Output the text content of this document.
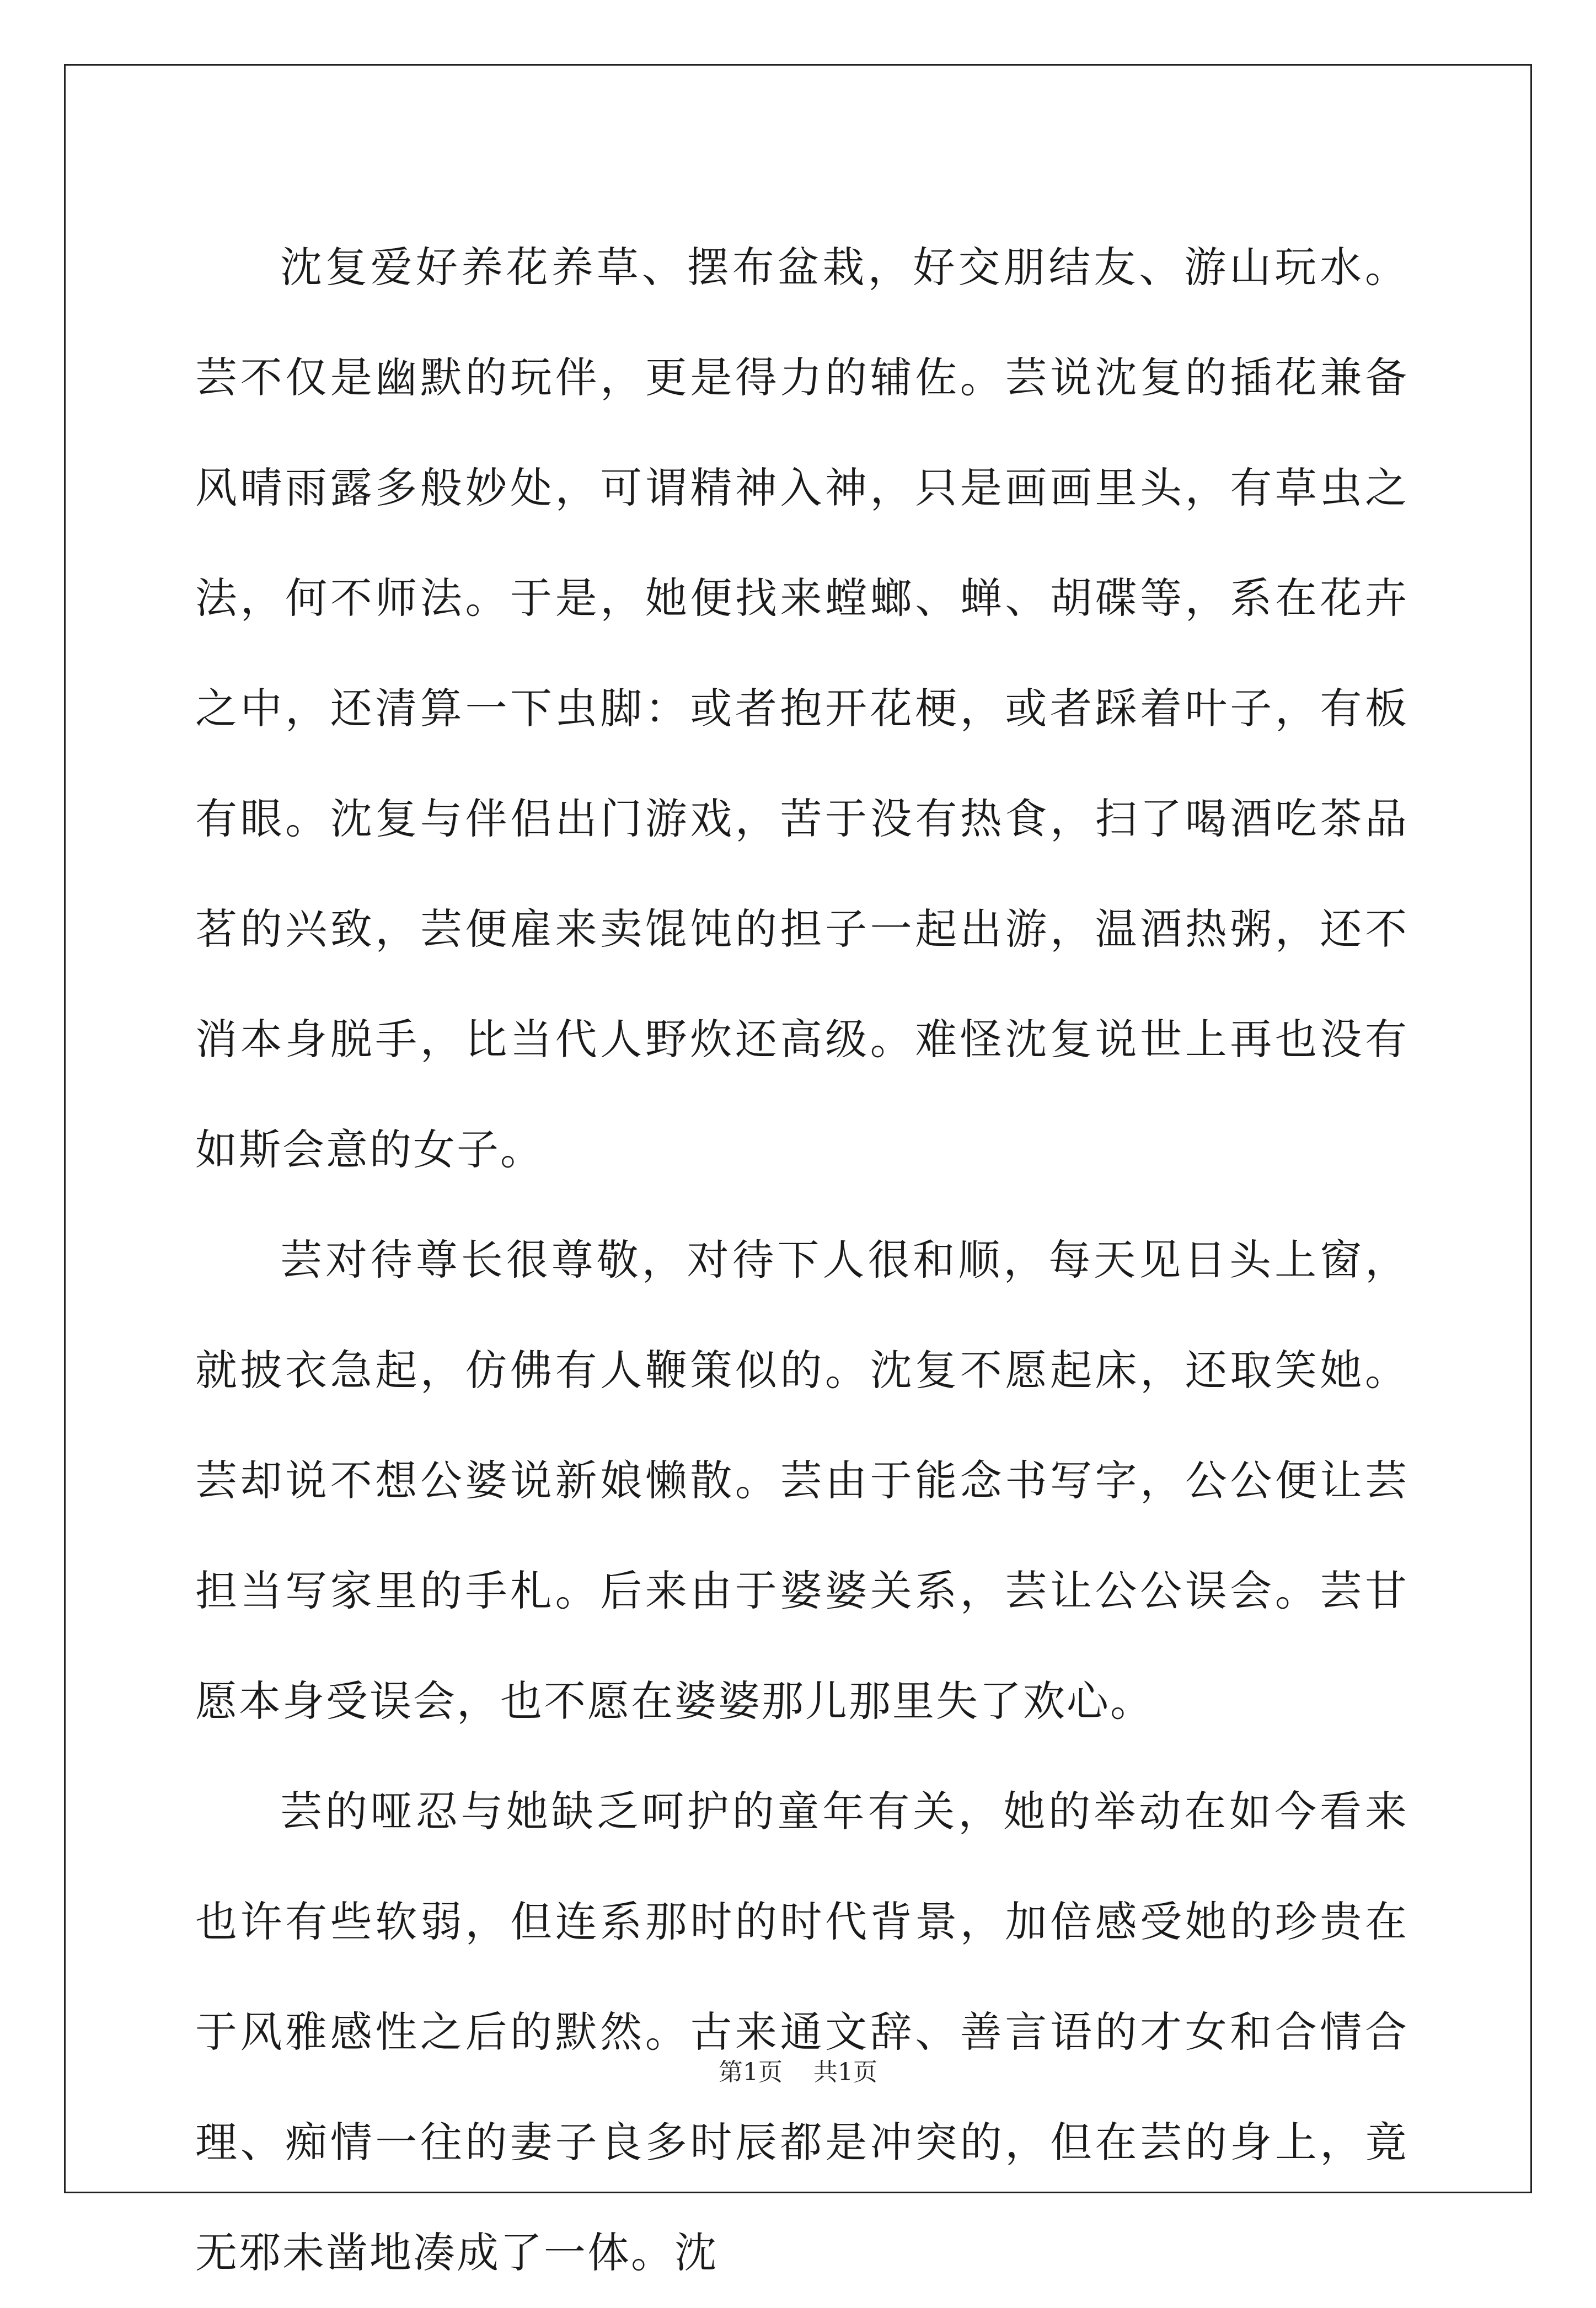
沈复爱好养花养草、摆布盆栽，好交朋结友、游山玩水。芸不仅是幽默的玩伴，更是得力的辅佐。芸说沈复的插花兼备风晴雨露多般妙处，可谓精神入神，只是画画里头，有草虫之法，何不师法。于是，她便找来螳螂、蝉、胡碟等，系在花卉之中，还清算一下虫脚：或者抱开花梗，或者踩着叶子，有板有眼。沈复与伴侣出门游戏，苦于没有热食，扫了喝酒吃茶品茗的兴致，芸便雇来卖馄饨的担子一起出游，温酒热粥，还不消本身脱手，比当代人野炊还高级。难怪沈复说世上再也没有如斯会意的女子。

芸对待尊长很尊敬，对待下人很和顺，每天见日头上窗，就披衣急起，仿佛有人鞭策似的。沈复不愿起床，还取笑她。芸却说不想公婆说新娘懒散。芸由于能念书写字，公公便让芸担当写家里的手札。后来由于婆婆关系，芸让公公误会。芸甘愿本身受误会，也不愿在婆婆那儿那里失了欢心。

芸的哑忍与她缺乏呵护的童年有关，她的举动在如今看来也许有些软弱，但连系那时的时代背景，加倍感受她的珍贵在于风雅感性之后的默然。古来通文辞、善言语的才女和合情合理、痴情一往的妻子良多时辰都是冲突的，但在芸的身上，竟无邪未凿地凑成了一体。沈

第1页    共1页
